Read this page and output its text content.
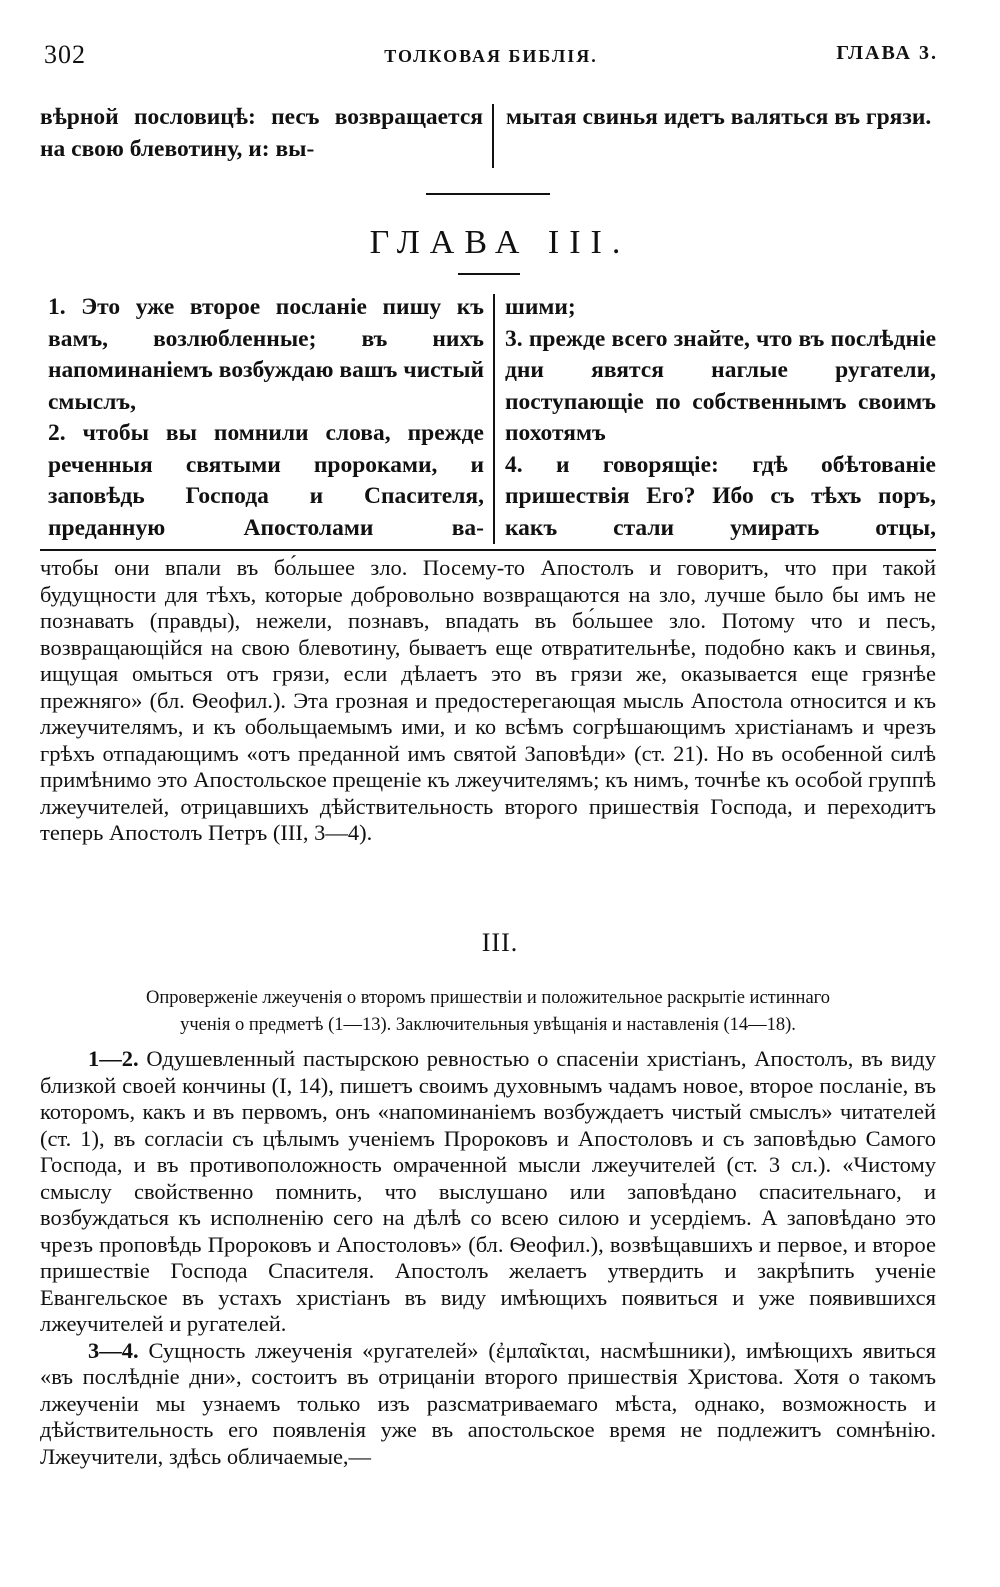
302	ТОЛКОВАЯ БИБЛІЯ.	ГЛАВА 3.

вѣрной пословицѣ: песъ возвращается на свою блевотину, и: вы-

мытая свинья идетъ валяться въ грязи.

ГЛАВА III.

1. Это уже второе посланіе пишу къ вамъ, возлюбленные; въ нихъ напоминаніемъ возбуждаю вашъ чистый смыслъ,

2. чтобы вы помнили слова, прежде реченныя святыми пророками, и заповѣдь Господа и Спасителя, преданную Апостолами ва-

шими;

3. прежде всего знайте, что въ послѣдніе дни явятся наглые ругатели, поступающіе по собственнымъ своимъ похотямъ

4. и говорящіе: гдѣ обѣтованіе пришествія Его? Ибо съ тѣхъ поръ, какъ стали умирать отцы,

чтобы они впали въ бо́льшее зло. Посему-то Апостолъ и говоритъ, что при такой будущности для тѣхъ, которые добровольно возвращаются на зло, лучше было бы имъ не познавать (правды), нежели, познавъ, впадать въ бо́льшее зло. Потому что и песъ, возвращающійся на свою блевотину, бываетъ еще отвратительнѣе, подобно какъ и свинья, ищущая омыться отъ грязи, если дѣлаетъ это въ грязи же, оказывается еще грязнѣе прежняго» (бл. Ѳеофил.). Эта грозная и предостерегающая мысль Апостола относится и къ лжеучителямъ, и къ обольщаемымъ ими, и ко всѣмъ согрѣшающимъ христіанамъ и чрезъ грѣхъ отпадающимъ «отъ преданной имъ святой Заповѣди» (ст. 21). Но въ особенной силѣ примѣнимо это Апостольское прещеніе къ лжеучителямъ; къ нимъ, точнѣе къ особой группѣ лжеучителей, отрицавшихъ дѣйствительность второго пришествія Господа, и переходитъ теперь Апостолъ Петръ (III, 3—4).

III.

Опроверженіе лжеученія о второмъ пришествіи и положительное раскрытіе истиннаго

ученія о предметѣ (1—13). Заключительныя увѣщанія и наставленія (14—18).

1—2. Одушевленный пастырскою ревностью о спасеніи христіанъ, Апостолъ, въ виду близкой своей кончины (I, 14), пишетъ своимъ духовнымъ чадамъ новое, второе посланіе, въ которомъ, какъ и въ первомъ, онъ «напоминаніемъ возбуждаетъ чистый смыслъ» читателей (ст. 1), въ согласіи съ цѣлымъ ученіемъ Пророковъ и Апостоловъ и съ заповѣдью Самого Господа, и въ противоположность омраченной мысли лжеучителей (ст. 3 сл.). «Чистому смыслу свойственно помнить, что выслушано или заповѣдано спасительнаго, и возбуждаться къ исполненію сего на дѣлѣ со всею силою и усердіемъ. А заповѣдано это чрезъ проповѣдь Пророковъ и Апостоловъ» (бл. Ѳеофил.), возвѣщавшихъ и первое, и второе пришествіе Господа Спасителя. Апостолъ желаетъ утвердить и закрѣпить ученіе Евангельское въ устахъ христіанъ въ виду имѣющихъ появиться и уже появившихся лжеучителей и ругателей.

3—4. Сущность лжеученія «ругателей» (ἐμπαῖκται, насмѣшники), имѣющихъ явиться «въ послѣдніе дни», состоитъ въ отрицаніи второго пришествія Христова. Хотя о такомъ лжеученіи мы узнаемъ только изъ разсматриваемаго мѣста, однако, возможность и дѣйствительность его появленія уже въ апостольское время не подлежитъ сомнѣнію. Лжеучители, здѣсь обличаемые,—
